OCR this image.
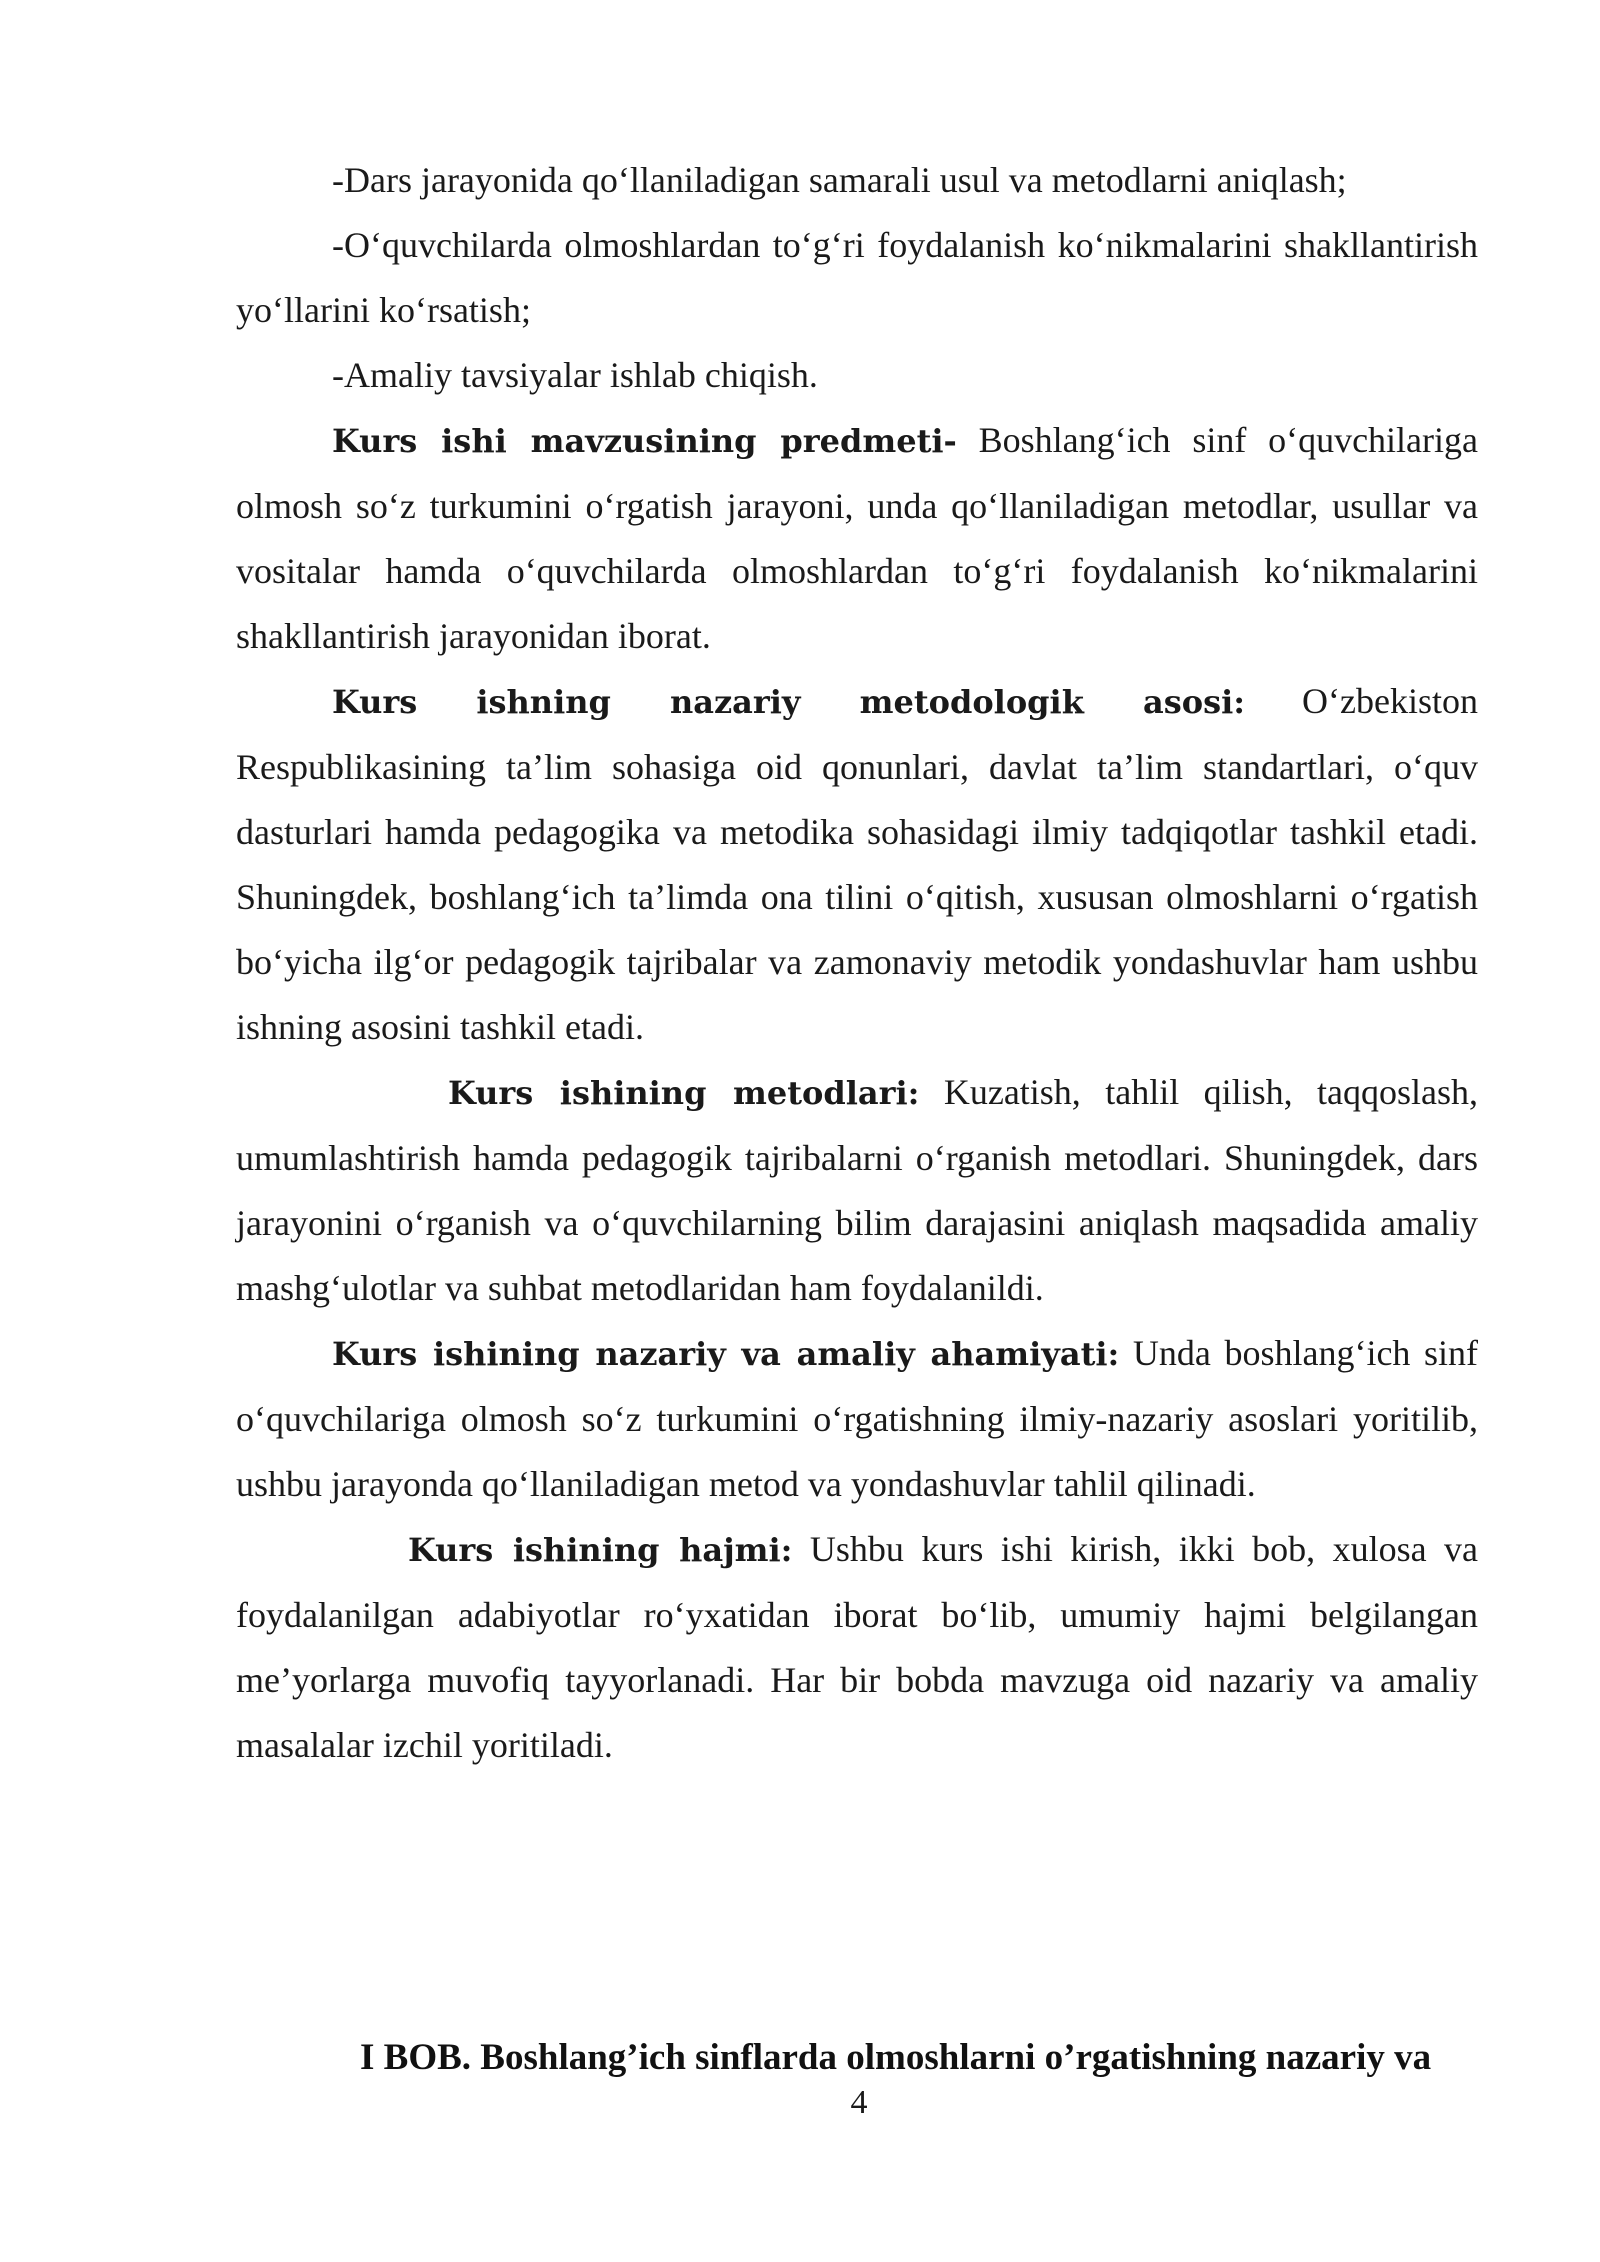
-Dars jarayonida qo‘llaniladigan samarali usul va metodlarni aniqlash;

-O‘quvchilarda olmoshlardan to‘g‘ri foydalanish ko‘nikmalarini shakllantirish yo‘llarini ko‘rsatish;

-Amaliy tavsiyalar ishlab chiqish.

Kurs ishi mavzusining predmeti- Boshlang‘ich sinf o‘quvchilariga olmosh so‘z turkumini o‘rgatish jarayoni, unda qo‘llaniladigan metodlar, usullar va vositalar hamda o‘quvchilarda olmoshlardan to‘g‘ri foydalanish ko‘nikmalarini shakllantirish jarayonidan iborat.

Kurs ishning nazariy metodologik asosi: O‘zbekiston Respublikasining ta’lim sohasiga oid qonunlari, davlat ta’lim standartlari, o‘quv dasturlari hamda pedagogika va metodika sohasidagi ilmiy tadqiqotlar tashkil etadi. Shuningdek, boshlang‘ich ta’limda ona tilini o‘qitish, xususan olmoshlarni o‘rgatish bo‘yicha ilg‘or pedagogik tajribalar va zamonaviy metodik yondashuvlar ham ushbu ishning asosini tashkil etadi.

Kurs ishining metodlari: Kuzatish, tahlil qilish, taqqoslash, umumlashtirish hamda pedagogik tajribalarni o‘rganish metodlari. Shuningdek, dars jarayonini o‘rganish va o‘quvchilarning bilim darajasini aniqlash maqsadida amaliy mashg‘ulotlar va suhbat metodlaridan ham foydalanildi.

Kurs ishining nazariy va amaliy ahamiyati: Unda boshlang‘ich sinf o‘quvchilariga olmosh so‘z turkumini o‘rgatishning ilmiy-nazariy asoslari yoritilib, ushbu jarayonda qo‘llaniladigan metod va yondashuvlar tahlil qilinadi.

Kurs ishining hajmi: Ushbu kurs ishi kirish, ikki bob, xulosa va foydalanilgan adabiyotlar ro‘yxatidan iborat bo‘lib, umumiy hajmi belgilangan me’yorlarga muvofiq tayyorlanadi. Har bir bobda mavzuga oid nazariy va amaliy masalalar izchil yoritiladi.

I BOB. Boshlang’ich sinflarda olmoshlarni o’rgatishning nazariy va
4
